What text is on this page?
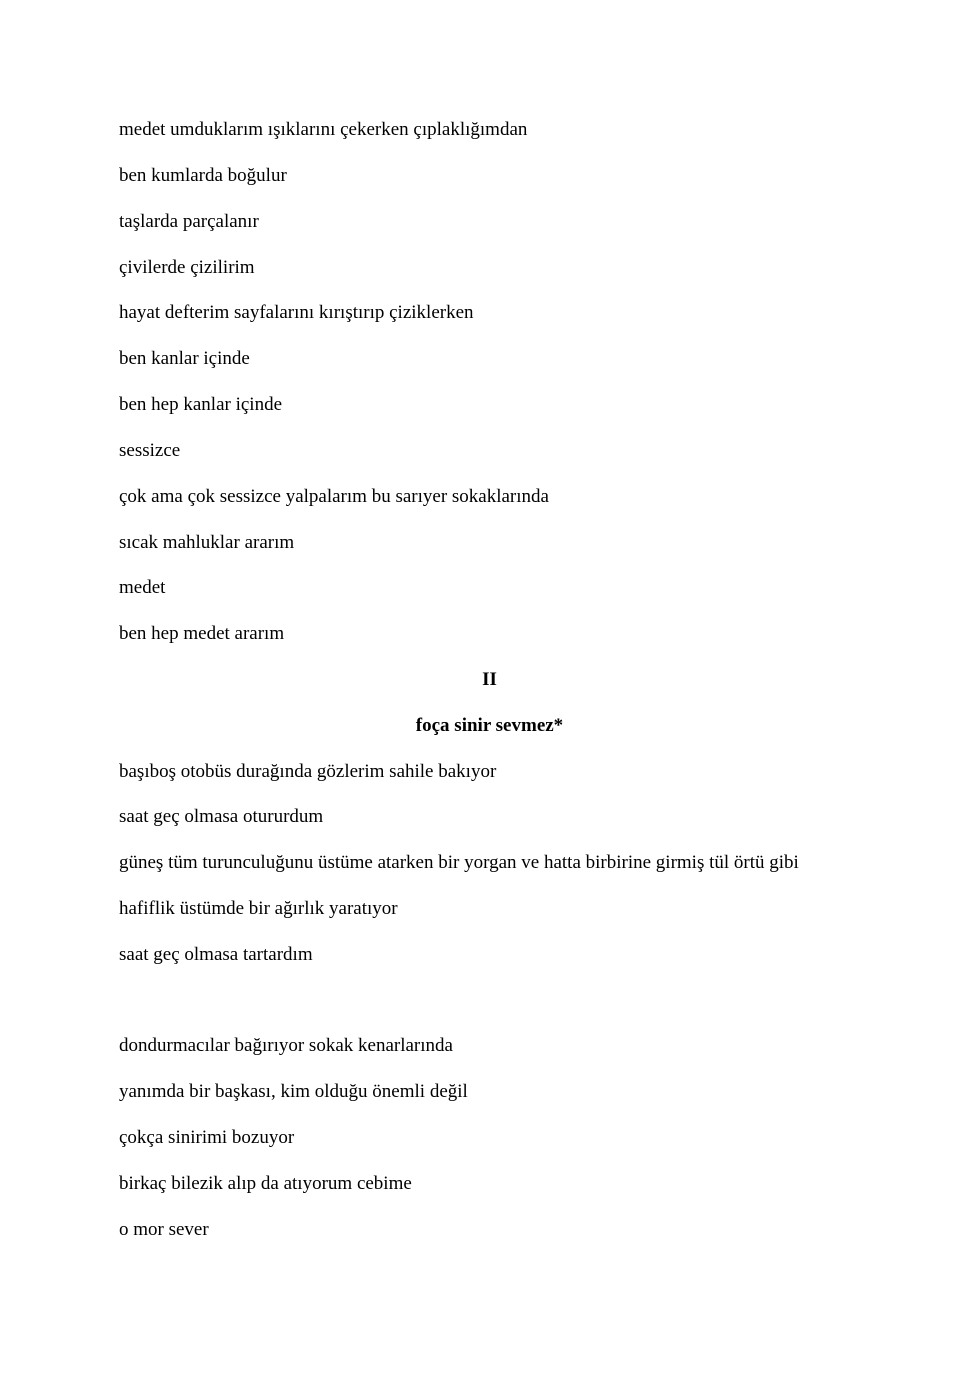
medet umduklarım ışıklarını çekerken çıplaklığımdan
ben kumlarda boğulur
taşlarda parçalanır
çivilerde çizilirim
hayat defterim sayfalarını kırıştırıp çiziklerken
ben kanlar içinde
ben hep kanlar içinde
sessizce
çok ama çok sessizce yalpalarım bu sarıyer sokaklarında
sıcak mahluklar ararım
medet
ben hep medet ararım
II
foça sinir sevmez*
başıboş otobüs durağında gözlerim sahile bakıyor
saat geç olmasa otururdum
güneş tüm turunculuğunu üstüme atarken bir yorgan ve hatta birbirine girmiş tül örtü gibi
hafiflik üstümde bir ağırlık yaratıyor
saat geç olmasa tartardım
dondurmacılar bağırıyor sokak kenarlarında
yanımda bir başkası, kim olduğu önemli değil
çokça sinirimi bozuyor
birkaç bilezik alıp da atıyorum cebime
o mor sever
